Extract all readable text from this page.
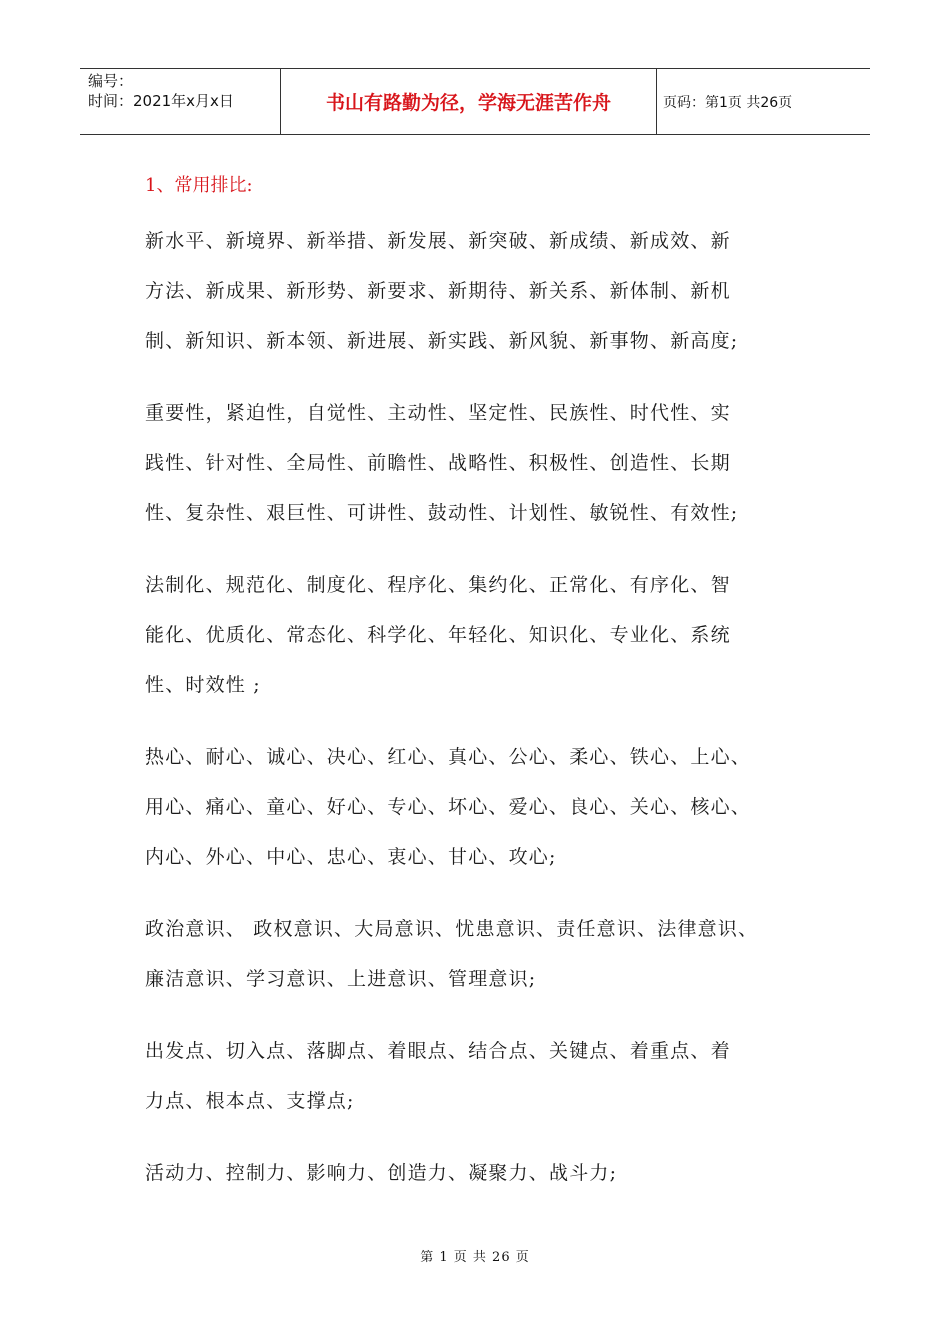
编号：
时间：2021年x月x日	书山有路勤为径，学海无涯苦作舟	页码：第1页 共26页
1、常用排比:
新水平、新境界、新举措、新发展、新突破、新成绩、新成效、新
方法、新成果、新形势、新要求、新期待、新关系、新体制、新机
制、新知识、新本领、新进展、新实践、新风貌、新事物、新高度;
重要性，紧迫性，自觉性、主动性、坚定性、民族性、时代性、实
践性、针对性、全局性、前瞻性、战略性、积极性、创造性、长期
性、复杂性、艰巨性、可讲性、鼓动性、计划性、敏锐性、有效性;
法制化、规范化、制度化、程序化、集约化、正常化、有序化、智
能化、优质化、常态化、科学化、年轻化、知识化、专业化、系统
性、时效性 ;
热心、耐心、诚心、决心、红心、真心、公心、柔心、铁心、上心、
用心、痛心、童心、好心、专心、坏心、爱心、良心、关心、核心、
内心、外心、中心、忠心、衷心、甘心、攻心;
政治意识、 政权意识、大局意识、忧患意识、责任意识、法律意识、
廉洁意识、学习意识、上进意识、管理意识;
出发点、切入点、落脚点、着眼点、结合点、关键点、着重点、着
力点、根本点、支撑点;
活动力、控制力、影响力、创造力、凝聚力、战斗力;
第 1 页 共 26 页
